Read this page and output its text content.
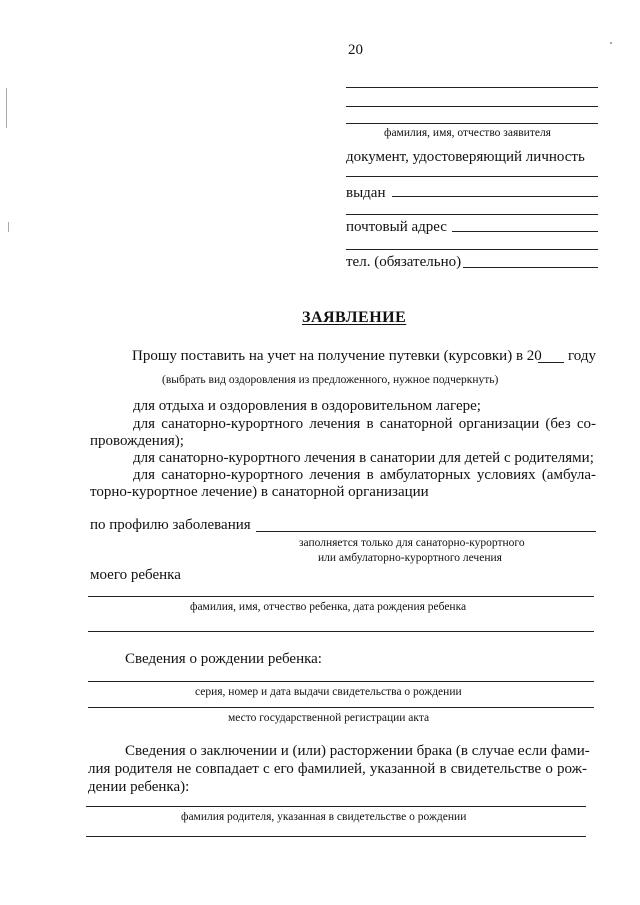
20
фамилия, имя, отчество заявителя
документ, удостоверяющий личность
выдан
почтовый адрес
тел. (обязательно)
ЗАЯВЛЕНИЕ
Прошу поставить на учет на получение путевки (курсовки) в 20 году
(выбрать вид оздоровления из предложенного, нужное подчеркнуть)
для отдыха и оздоровления в оздоровительном лагере;
для санаторно-курортного лечения в санаторной организации (без со-
провождения);
для санаторно-курортного лечения в санатории для детей с родителями;
для санаторно-курортного лечения в амбулаторных условиях (амбула-
торно-курортное лечение) в санаторной организации
по профилю заболевания
заполняется только для санаторно-курортного
или амбулаторно-курортного лечения
моего ребенка
фамилия, имя, отчество ребенка, дата рождения ребенка
Сведения о рождении ребенка:
серия, номер и дата выдачи свидетельства о рождении
место государственной регистрации акта
Сведения о заключении и (или) расторжении брака (в случае если фами-
лия родителя не совпадает с его фамилией, указанной в свидетельстве о рож-
дении ребенка):
фамилия родителя, указанная в свидетельстве о рождении
